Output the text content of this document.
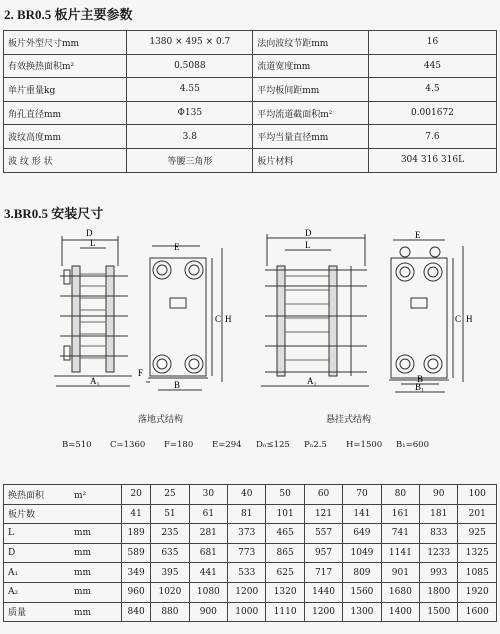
2. BR0.5 板片主要参数
板片外型尺寸mm	1380 × 495 × 0.7	法向波纹节距mm	16
有效换热面积m²	0.5088	流道宽度mm	445
单片重量kg	4.55	平均板间距mm	4.5
角孔直径mm	Φ135	平均流道截面积m²	0.001672
波纹高度mm	3.8	平均当量直径mm	7.6
波 纹 形 状	等腰三角形	板片材料	304 316 316L
3.BR0.5 安装尺寸
D
L
A₁
E
C H
F
B
D
L
A₂
E
C H
B
B₁
落地式结构	悬挂式结构
B=510 C=1360 F=180 E=294 Dₙ≤125 Pₙ2.5 H=1500 B₁=600
换热面积 m²	20	25	30	40	50	60	70	80	90	100
板片数	41	51	61	81	101	121	141	161	181	201
L mm	189	235	281	373	465	557	649	741	833	925
D mm	589	635	681	773	865	957	1049	1141	1233	1325
A₁ mm	349	395	441	533	625	717	809	901	993	1085
A₂ mm	960	1020	1080	1200	1320	1440	1560	1680	1800	1920
质量 mm	840	880	900	1000	1110	1200	1300	1400	1500	1600
